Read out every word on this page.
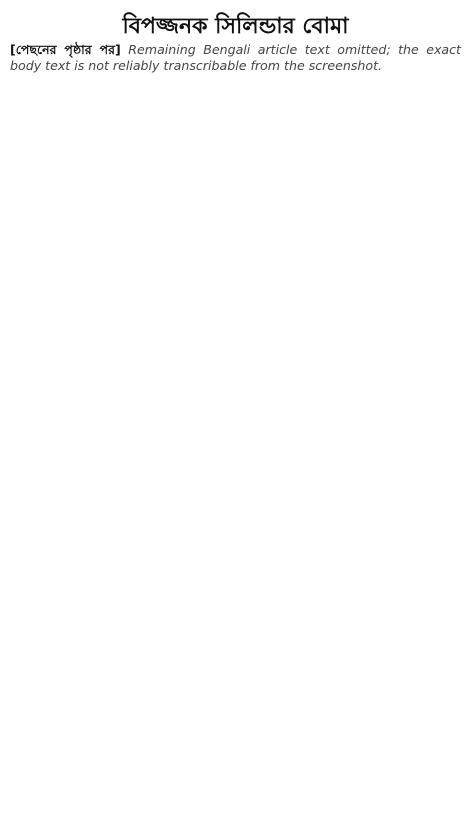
বিপজ্জনক সিলিন্ডার বোমা

[পেছনের পৃষ্ঠার পর] Remaining Bengali article text omitted; the exact body text is not reliably transcribable from the screenshot.
